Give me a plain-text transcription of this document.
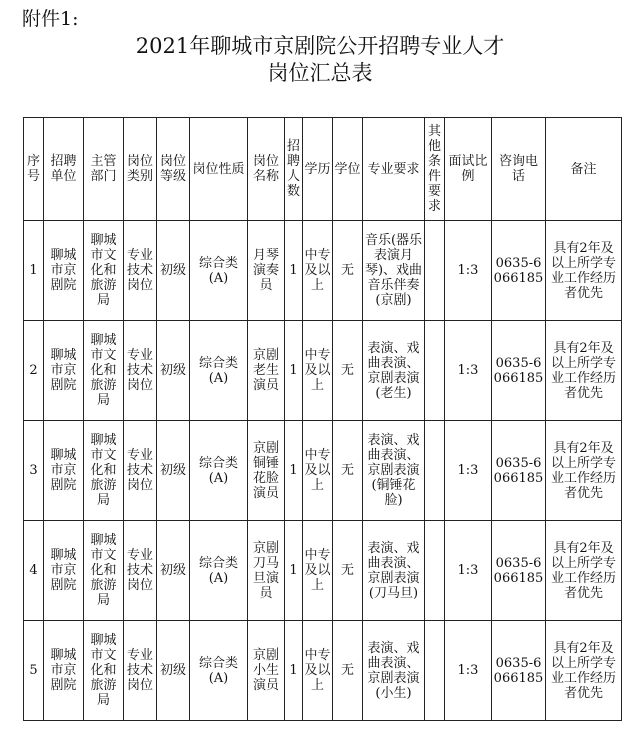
附件1:
2021年聊城市京剧院公开招聘专业人才
岗位汇总表
序号	招聘单位	主管部门	岗位类别	岗位等级	岗位性质	岗位名称	招聘人数	学历	学位	专业要求	其他条件要求	面试比例	咨询电话	备注
1	聊城市京剧院	聊城市文化和旅游局	专业技术岗位	初级	综合类(A)	月琴演奏员	1	中专及以上	无	音乐(器乐表演月琴)、戏曲音乐伴奏(京剧)		1:3	0635-6066185	具有2年及以上所学专业工作经历者优先
2	聊城市京剧院	聊城市文化和旅游局	专业技术岗位	初级	综合类(A)	京剧老生演员	1	中专及以上	无	表演、戏曲表演、京剧表演(老生)		1:3	0635-6066185	具有2年及以上所学专业工作经历者优先
3	聊城市京剧院	聊城市文化和旅游局	专业技术岗位	初级	综合类(A)	京剧铜锤花脸演员	1	中专及以上	无	表演、戏曲表演、京剧表演(铜锤花脸)		1:3	0635-6066185	具有2年及以上所学专业工作经历者优先
4	聊城市京剧院	聊城市文化和旅游局	专业技术岗位	初级	综合类(A)	京剧刀马旦演员	1	中专及以上	无	表演、戏曲表演、京剧表演(刀马旦)		1:3	0635-6066185	具有2年及以上所学专业工作经历者优先
5	聊城市京剧院	聊城市文化和旅游局	专业技术岗位	初级	综合类(A)	京剧小生演员	1	中专及以上	无	表演、戏曲表演、京剧表演(小生)		1:3	0635-6066185	具有2年及以上所学专业工作经历者优先
